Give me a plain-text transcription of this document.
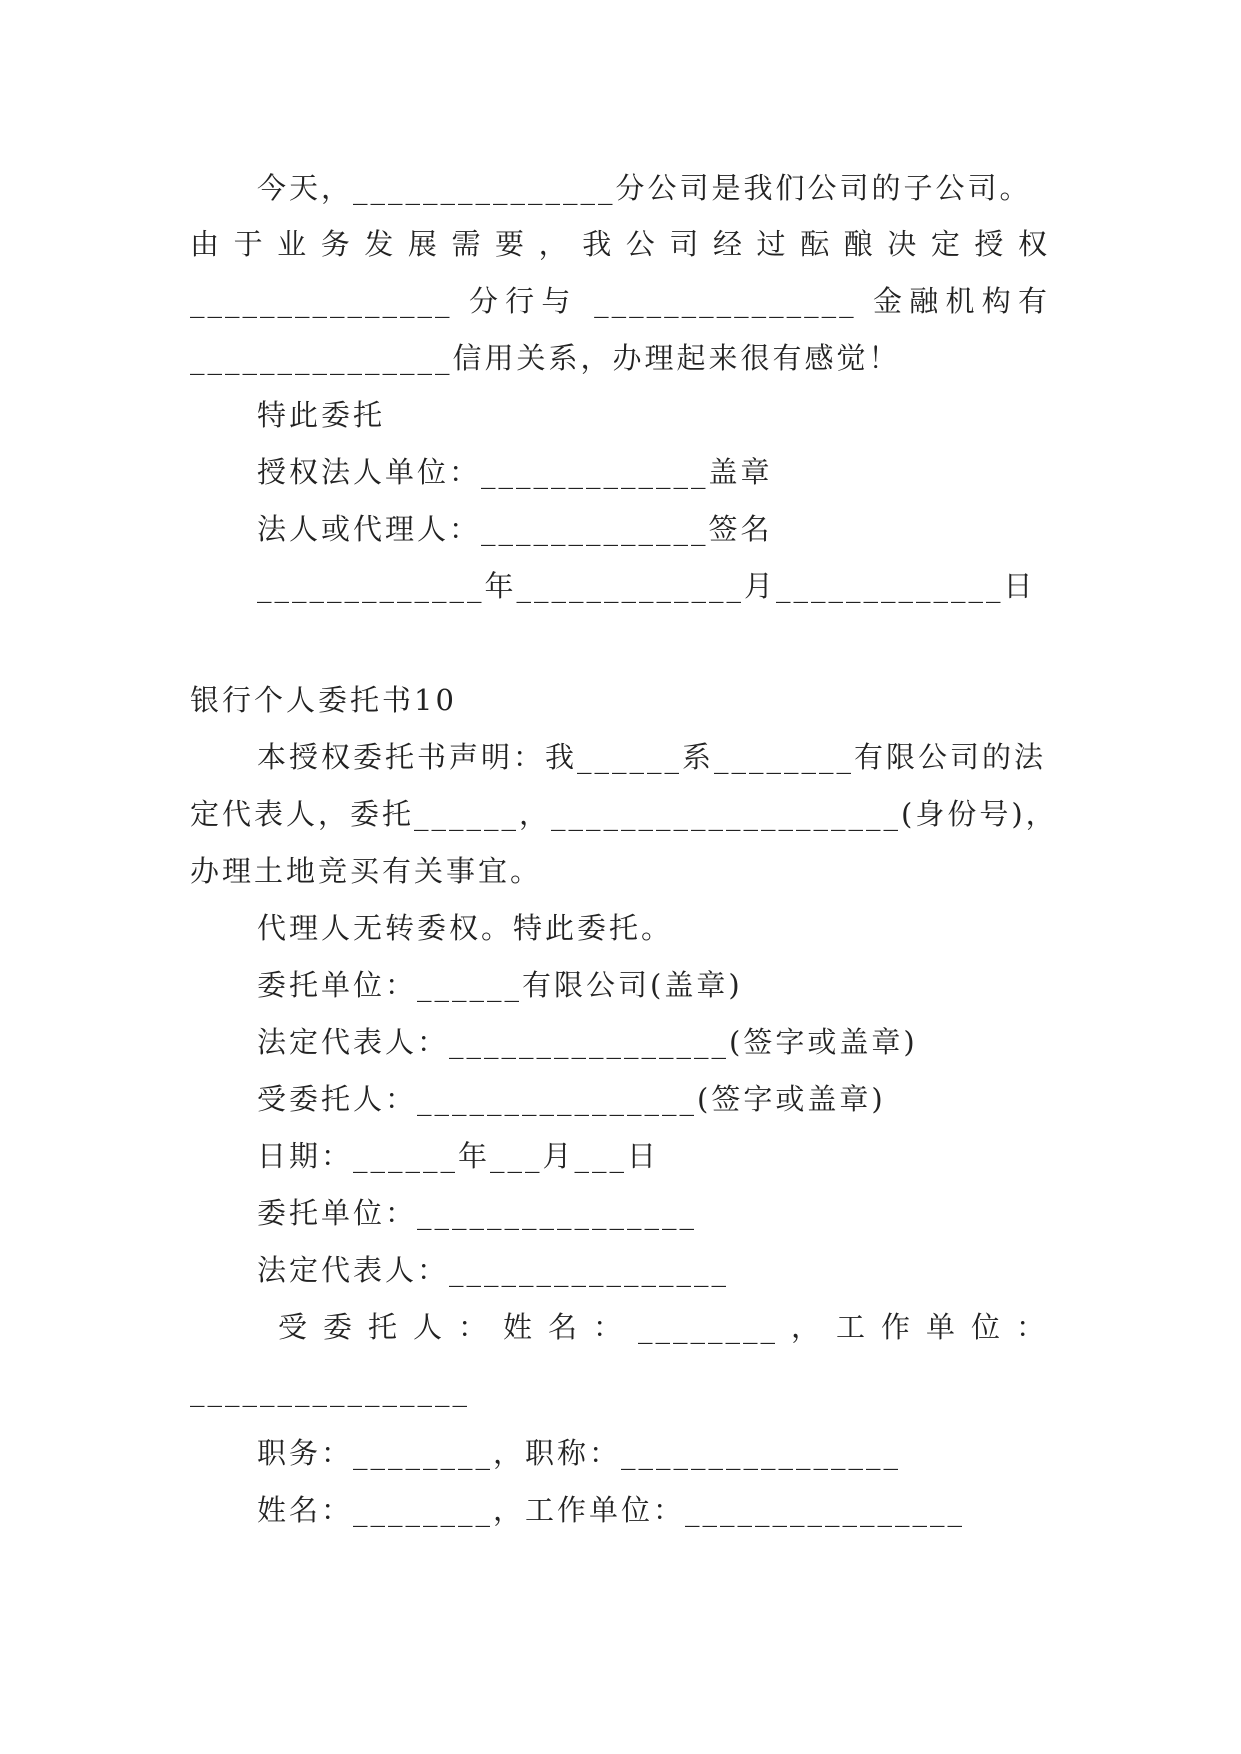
今天，_______________分公司是我们公司的子公司。
由于业务发展需要，我公司经过酝酿决定授权
_______________ 分行与 _______________ 金融机构有
_______________信用关系，办理起来很有感觉！
特此委托
授权法人单位：_____________盖章
法人或代理人：_____________签名
_____________年_____________月_____________日
银行个人委托书10
本授权委托书声明：我______系________有限公司的法
定代表人，委托______，____________________(身份号)，
办理土地竞买有关事宜。
代理人无转委权。特此委托。
委托单位：______有限公司(盖章)
法定代表人：________________(签字或盖章)
受委托人：________________(签字或盖章)
日期：______年___月___日
委托单位：________________
法定代表人：________________
受委托人：姓名：________，工作单位：
________________
职务：________，职称：________________
姓名：________，工作单位：________________
